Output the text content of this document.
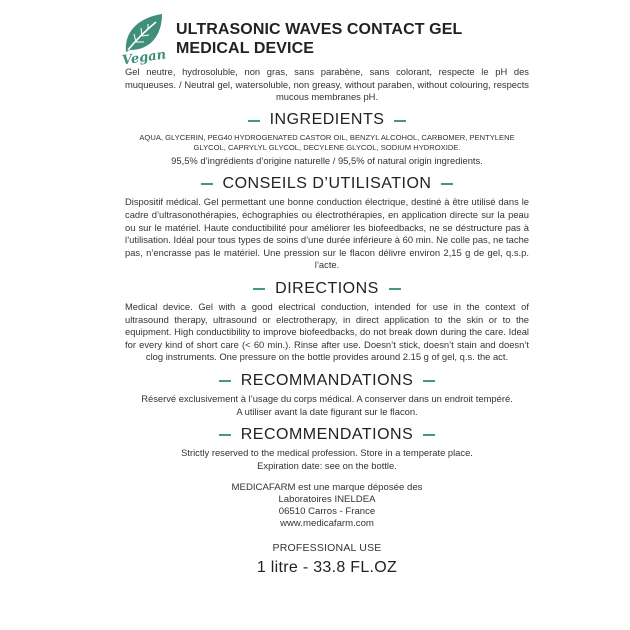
Vegan
ULTRASONIC WAVES CONTACT GEL
MEDICAL DEVICE

Gel neutre, hydrosoluble, non gras, sans parabène, sans colorant, respecte le pH des muqueuses. / Neutral gel, watersoluble, non greasy, without paraben, without colouring, respects mucous membranes pH.

INGREDIENTS

AQUA, GLYCERIN, PEG40 HYDROGENATED CASTOR OIL, BENZYL ALCOHOL, CARBOMER, PENTYLENE GLYCOL, CAPRYLYL GLYCOL, DECYLENE GLYCOL, SODIUM HYDROXIDE.

95,5% d’ingrédients d’origine naturelle / 95,5% of natural origin ingredients.

CONSEILS D’UTILISATION

Dispositif médical. Gel permettant une bonne conduction électrique, destiné à être utilisé dans le cadre d’ultrasonothérapies, échographies ou électrothérapies, en application directe sur la peau ou sur le matériel. Haute conductibilité pour améliorer les biofeedbacks, ne se déstructure pas à l’utilisation. Idéal pour tous types de soins d’une durée inférieure à 60 min. Ne colle pas, ne tache pas, n’encrasse pas le matériel. Une pression sur le flacon délivre environ 2,15 g de gel, q.s.p. l’acte.

DIRECTIONS

Medical device. Gel with a good electrical conduction, intended for use in the context of ultrasound therapy, ultrasound or electrotherapy, in direct application to the skin or to the equipment. High conductibility to improve biofeedbacks, do not break down during the care. Ideal for every kind of short care (< 60 min.). Rinse after use. Doesn’t stick, doesn’t stain and doesn’t clog instruments. One pressure on the bottle provides around 2.15 g of gel, q.s. the act.

RECOMMANDATIONS

Réservé exclusivement à l’usage du corps médical. A conserver dans un endroit tempéré.

A utiliser avant la date figurant sur le flacon.

RECOMMENDATIONS

Strictly reserved to the medical profession. Store in a temperate place.

Expiration date: see on the bottle.

MEDICAFARM est une marque déposée des

Laboratoires INELDEA

06510 Carros - France

www.medicafarm.com

PROFESSIONAL USE
1 litre - 33.8 FL.OZ
